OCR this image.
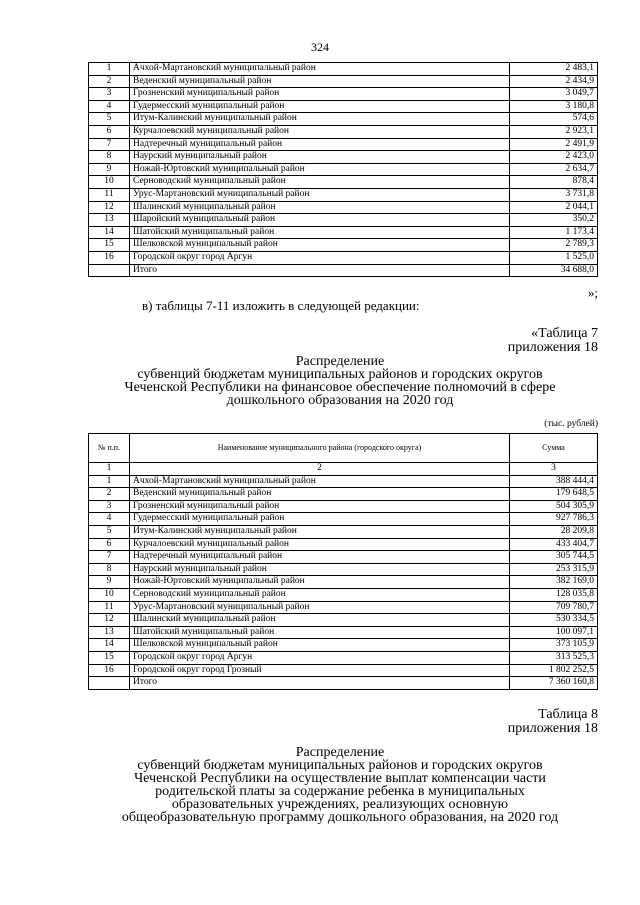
324
1	Ачхой-Мартановский муниципальный район	2 483,1
2	Веденский муниципальный район	2 434,9
3	Грозненский муниципальный район	3 049,7
4	Гудермесский муниципальный район	3 180,8
5	Итум-Калинский муниципальный район	574,6
6	Курчалоевский муниципальный район	2 923,1
7	Надтеречный муниципальный район	2 491,9
8	Наурский муниципальный район	2 423,0
9	Ножай-Юртовский муниципальный район	2 634,7
10	Серноводский муниципальный район	878,4
11	Урус-Мартановский муниципальный район	3 731,8
12	Шалинский муниципальный район	2 044,1
13	Шаройский муниципальный район	350,2
14	Шатойский муниципальный район	1 173,4
15	Шелковской муниципальный район	2 789,3
16	Городской округ город Аргун	1 525,0
	Итого	34 688,0
»;
в) таблицы 7-11 изложить в следующей редакции:
«Таблица 7
приложения 18
Распределение
субвенций бюджетам муниципальных районов и городских округов
Чеченской Республики на финансовое обеспечение полномочий в сфере
дошкольного образования на 2020 год
(тыс. рублей)
№ п.п.	Наименование муниципального района (городского округа)	Сумма
1	2	3
1	Ачхой-Мартановский муниципальный район	388 444,4
2	Веденский муниципальный район	179 648,5
3	Грозненский муниципальный район	504 305,9
4	Гудермесский муниципальный район	927 786,3
5	Итум-Калинский муниципальный район	28 209,8
6	Курчалоевский муниципальный район	433 404,7
7	Надтеречный муниципальный район	305 744,5
8	Наурский муниципальный район	253 315,9
9	Ножай-Юртовский муниципальный район	382 169,0
10	Серноводский муниципальный район	128 035,8
11	Урус-Мартановский муниципальный район	709 780,7
12	Шалинский муниципальный район	530 334,5
13	Шатойский муниципальный район	100 097,1
14	Шелковской муниципальный район	373 105,9
15	Городской округ город Аргун	313 525,3
16	Городской округ город Грозный	1 802 252,5
	Итого	7 360 160,8
Таблица 8
приложения 18
Распределение
субвенций бюджетам муниципальных районов и городских округов
Чеченской Республики на осуществление выплат компенсации части
родительской платы за содержание ребенка в муниципальных
образовательных учреждениях, реализующих основную
общеобразовательную программу дошкольного образования, на 2020 год
